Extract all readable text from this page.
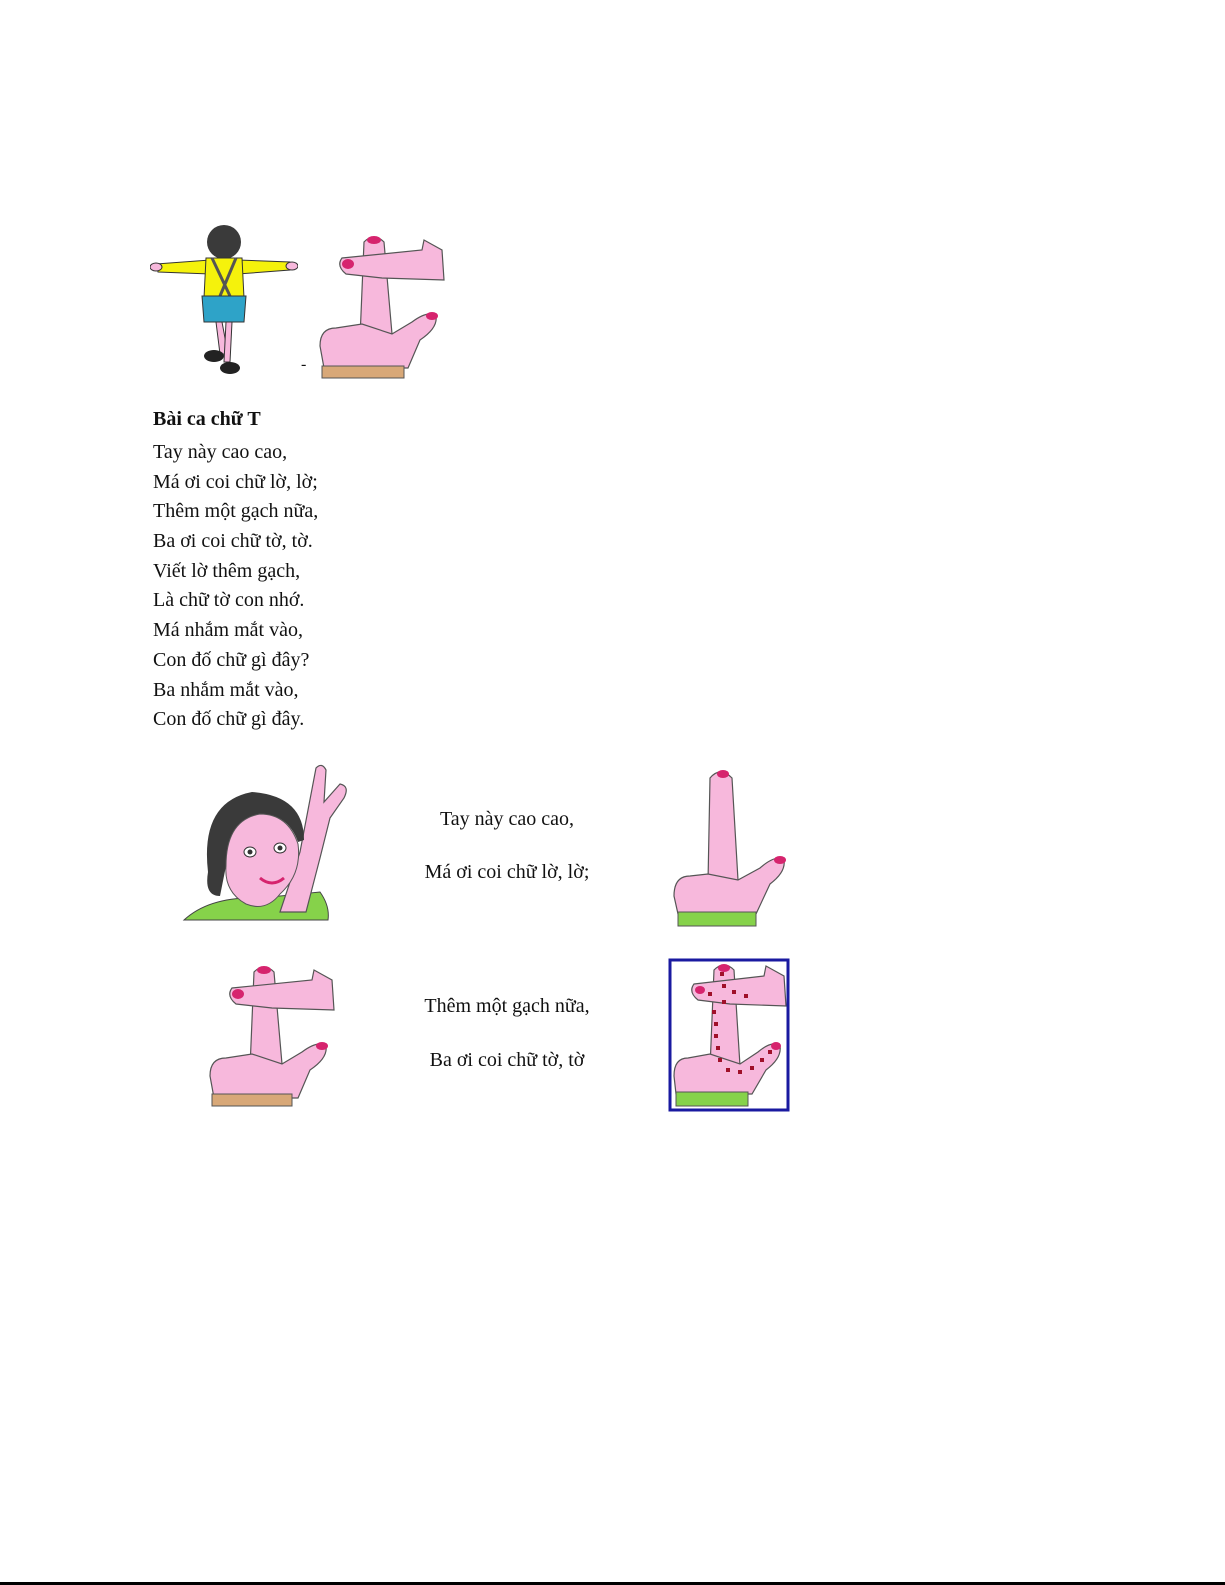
-
Bài ca chữ T
Tay này cao cao,
Má ơi coi chữ lờ, lờ;
Thêm một gạch nữa,
Ba ơi coi chữ tờ, tờ.
Viết lờ thêm gạch,
Là chữ tờ con nhớ.
Má nhắm mắt vào,
Con đố chữ gì đây?
Ba nhắm mắt vào,
Con đố chữ gì đây.
Tay này cao cao,
Má ơi coi chữ lờ, lờ;
Thêm một gạch nữa,
Ba ơi coi chữ tờ, tờ
